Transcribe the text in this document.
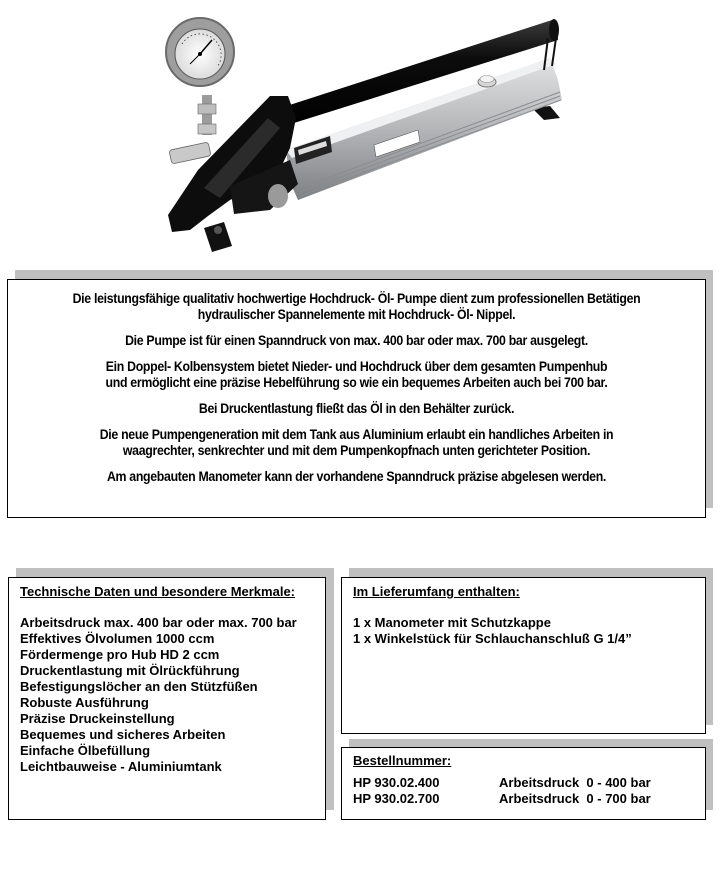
Die leistungsfähige qualitativ hochwertige Hochdruck- Öl- Pumpe dient zum professionellen Betätigen
hydraulischer Spannelemente mit Hochdruck- Öl- Nippel.

Die Pumpe ist für einen Spanndruck von max. 400 bar oder max. 700 bar ausgelegt.

Ein Doppel- Kolbensystem bietet Nieder- und Hochdruck über dem gesamten Pumpenhub
und ermöglicht eine präzise Hebelführung so wie ein bequemes Arbeiten auch bei 700 bar.

Bei Druckentlastung fließt das Öl in den Behälter zurück.

Die neue Pumpengeneration mit dem Tank aus Aluminium erlaubt ein handliches Arbeiten in
waagrechter, senkrechter und mit dem Pumpenkopfnach unten gerichteter Position.

Am angebauten Manometer kann der vorhandene Spanndruck präzise abgelesen werden.

Technische Daten und besondere Merkmale:
Arbeitsdruck max. 400 bar oder max. 700 bar
Effektives Ölvolumen 1000 ccm
Fördermenge pro Hub HD 2 ccm
Druckentlastung mit Ölrückführung
Befestigungslöcher an den Stützfüßen
Robuste Ausführung
Präzise Druckeinstellung
Bequemes und sicheres Arbeiten
Einfache Ölbefüllung
Leichtbauweise - Aluminiumtank
Im Lieferumfang enthalten:
1 x Manometer mit Schutzkappe
1 x Winkelstück für Schlauchanschluß G 1/4”
Bestellnummer:
HP 930.02.400	Arbeitsdruck  0 - 400 bar
HP 930.02.700	Arbeitsdruck  0 - 700 bar
